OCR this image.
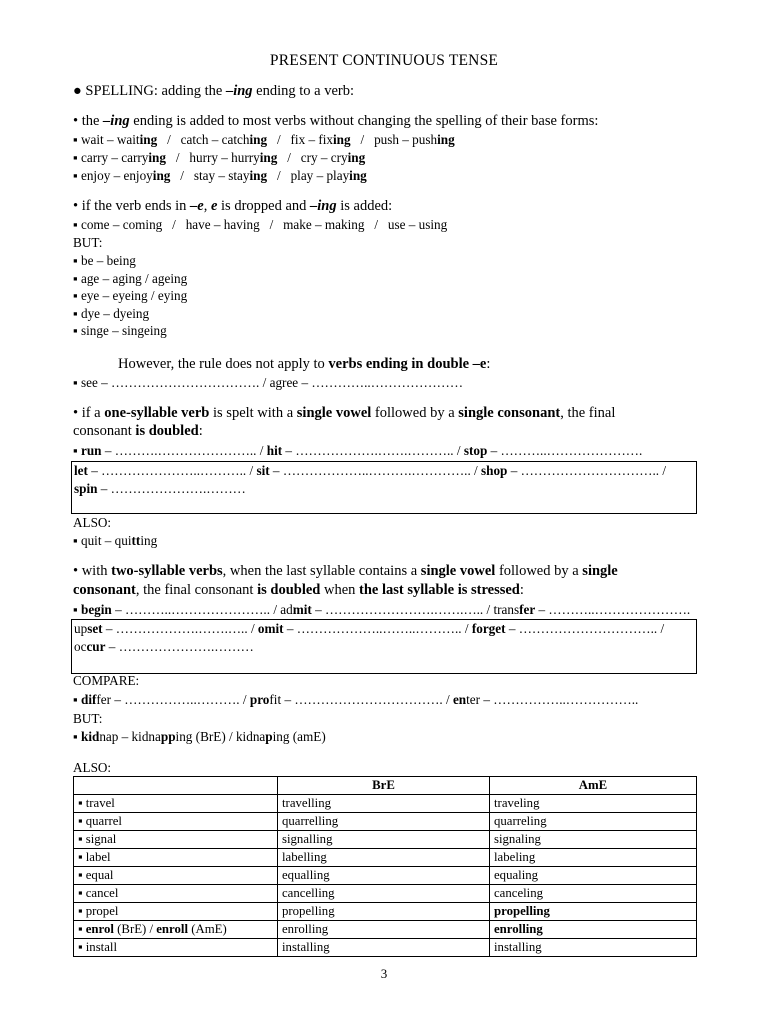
PRESENT CONTINUOUS TENSE
● SPELLING: adding the –ing ending to a verb:
• the –ing ending is added to most verbs without changing the spelling of their base forms:
▪ wait – waiting   /   catch – catching   /   fix – fixing   /   push – pushing
▪ carry – carrying   /   hurry – hurrying   /   cry – crying
▪ enjoy – enjoying   /   stay – staying   /   play – playing
• if the verb ends in –e, e is dropped and –ing is added:
▪ come – coming   /   have – having   /   make – making   /   use – using
BUT:
▪ be – being
▪ age – aging / ageing
▪ eye – eyeing / eying
▪ dye – dyeing
▪ singe – singeing
However, the rule does not apply to verbs ending in double –e:
▪ see – ……………………………. / agree – …………..…………………
• if a one-syllable verb is spelt with a single vowel followed by a single consonant, the final
consonant is doubled:
▪ run – ……….………………….. / hit – ……………….…….……….. / stop – ………..………………….
let – …………………..……….. / sit – ………………..……….………….. / shop – ………………………….. /
spin – ………………….………
ALSO:
▪ quit – quitting
• with two-syllable verbs, when the last syllable contains a single vowel followed by a single
consonant, the final consonant is doubled when the last syllable is stressed:
▪ begin – ………..………………….. / admit – …………………….…….….. / transfer – ………..………………….
upset – ……………….…….….. / omit – ………………..……..……….. / forget – ………………………….. /
occur – ………………….………
COMPARE:
▪ differ – ……………..………. / profit – ……………………………. / enter – ……………..……………..
BUT:
▪ kidnap – kidnapping (BrE) / kidnaping (amE)
ALSO:
	BrE	AmE
▪ travel	travelling	traveling
▪ quarrel	quarrelling	quarreling
▪ signal	signalling	signaling
▪ label	labelling	labeling
▪ equal	equalling	equaling
▪ cancel	cancelling	canceling
▪ propel	propelling	propelling
▪ enrol (BrE) / enroll (AmE)	enrolling	enrolling
▪ install	installing	installing
3
